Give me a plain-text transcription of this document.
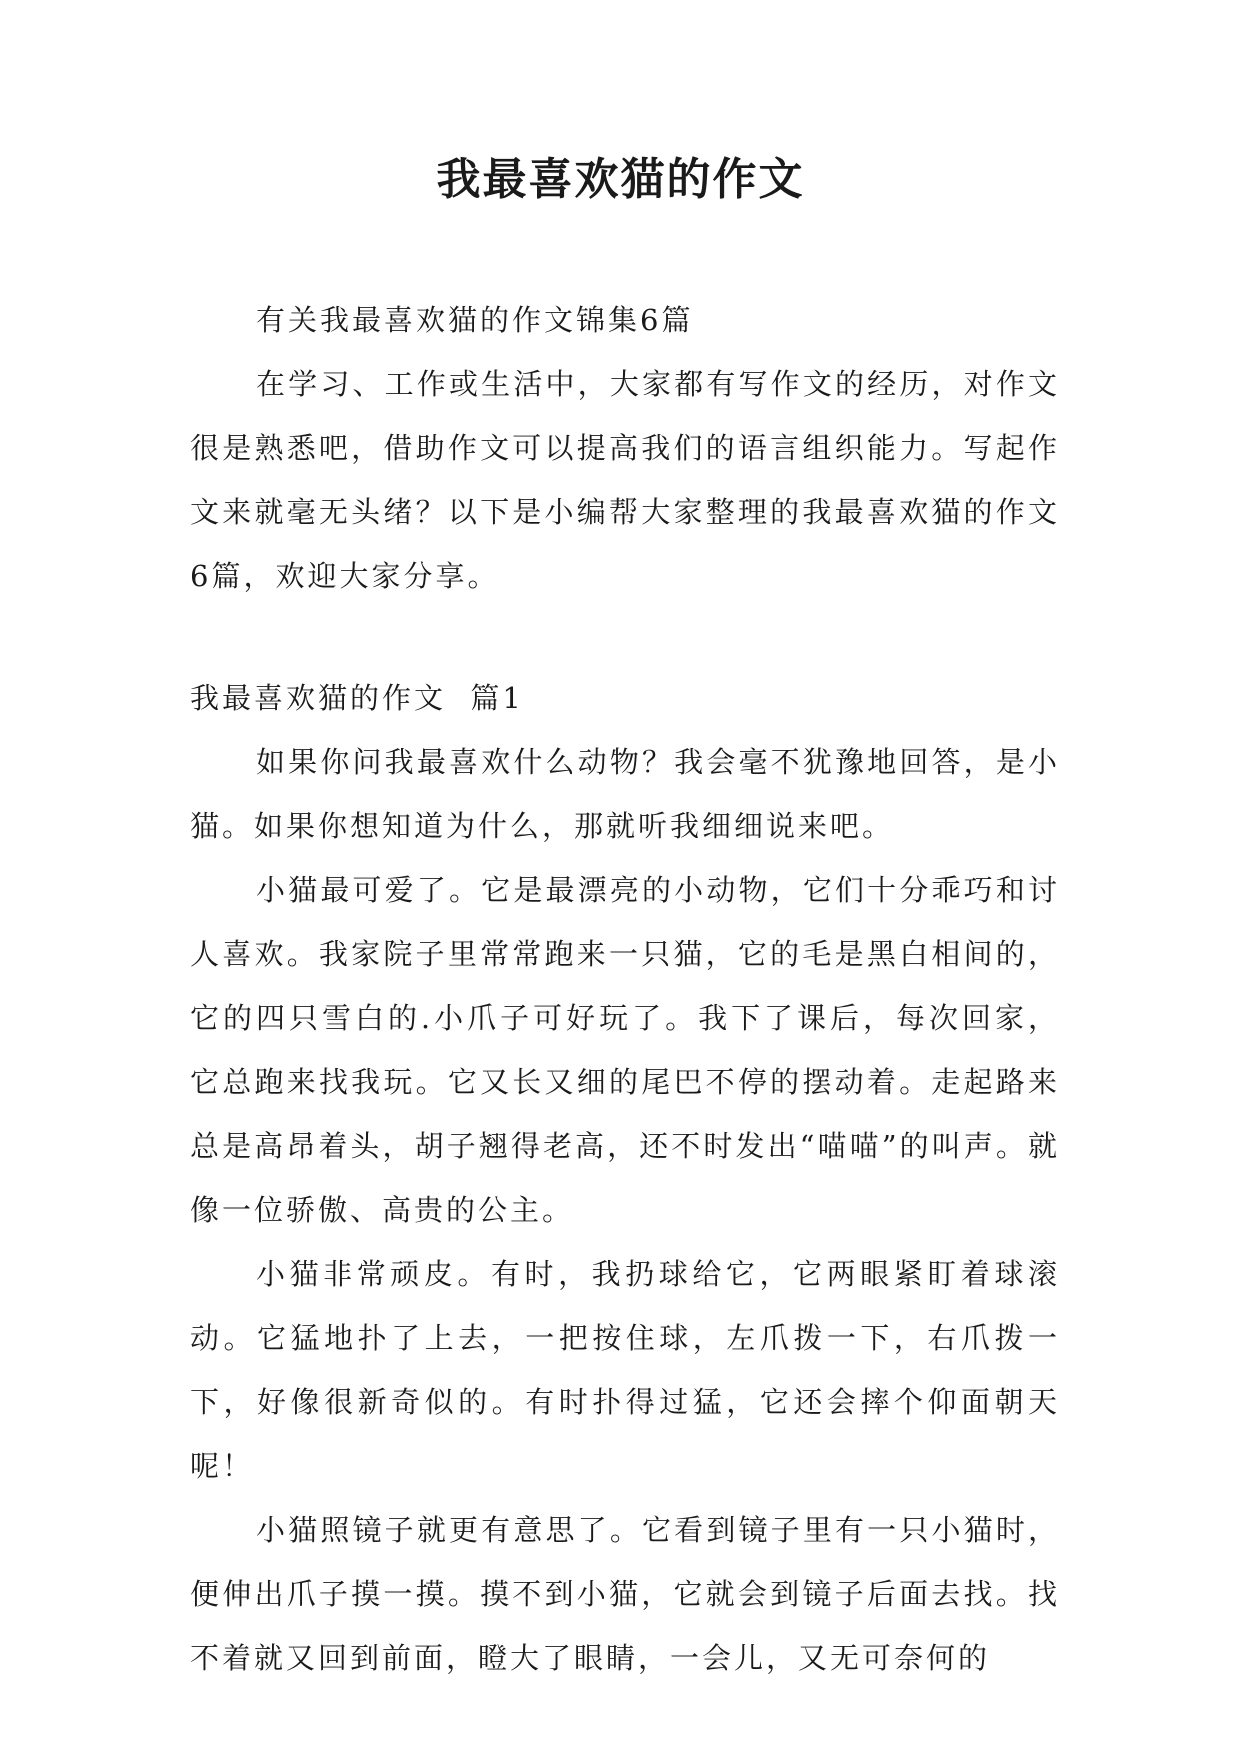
我最喜欢猫的作文

有关我最喜欢猫的作文锦集6篇

在学习、工作或生活中，大家都有写作文的经历，对作文很是熟悉吧，借助作文可以提高我们的语言组织能力。写起作文来就毫无头绪？以下是小编帮大家整理的我最喜欢猫的作文6篇，欢迎大家分享。

我最喜欢猫的作文  篇1

如果你问我最喜欢什么动物？我会毫不犹豫地回答，是小猫。如果你想知道为什么，那就听我细细说来吧。

小猫最可爱了。它是最漂亮的小动物，它们十分乖巧和讨人喜欢。我家院子里常常跑来一只猫，它的毛是黑白相间的，它的四只雪白的.小爪子可好玩了。我下了课后，每次回家，它总跑来找我玩。它又长又细的尾巴不停的摆动着。走起路来总是高昂着头，胡子翘得老高，还不时发出“喵喵”的叫声。就像一位骄傲、高贵的公主。

小猫非常顽皮。有时，我扔球给它，它两眼紧盯着球滚动。它猛地扑了上去，一把按住球，左爪拨一下，右爪拨一下，好像很新奇似的。有时扑得过猛，它还会摔个仰面朝天呢！

小猫照镜子就更有意思了。它看到镜子里有一只小猫时，便伸出爪子摸一摸。摸不到小猫，它就会到镜子后面去找。找不着就又回到前面，瞪大了眼睛，一会儿，又无可奈何的
